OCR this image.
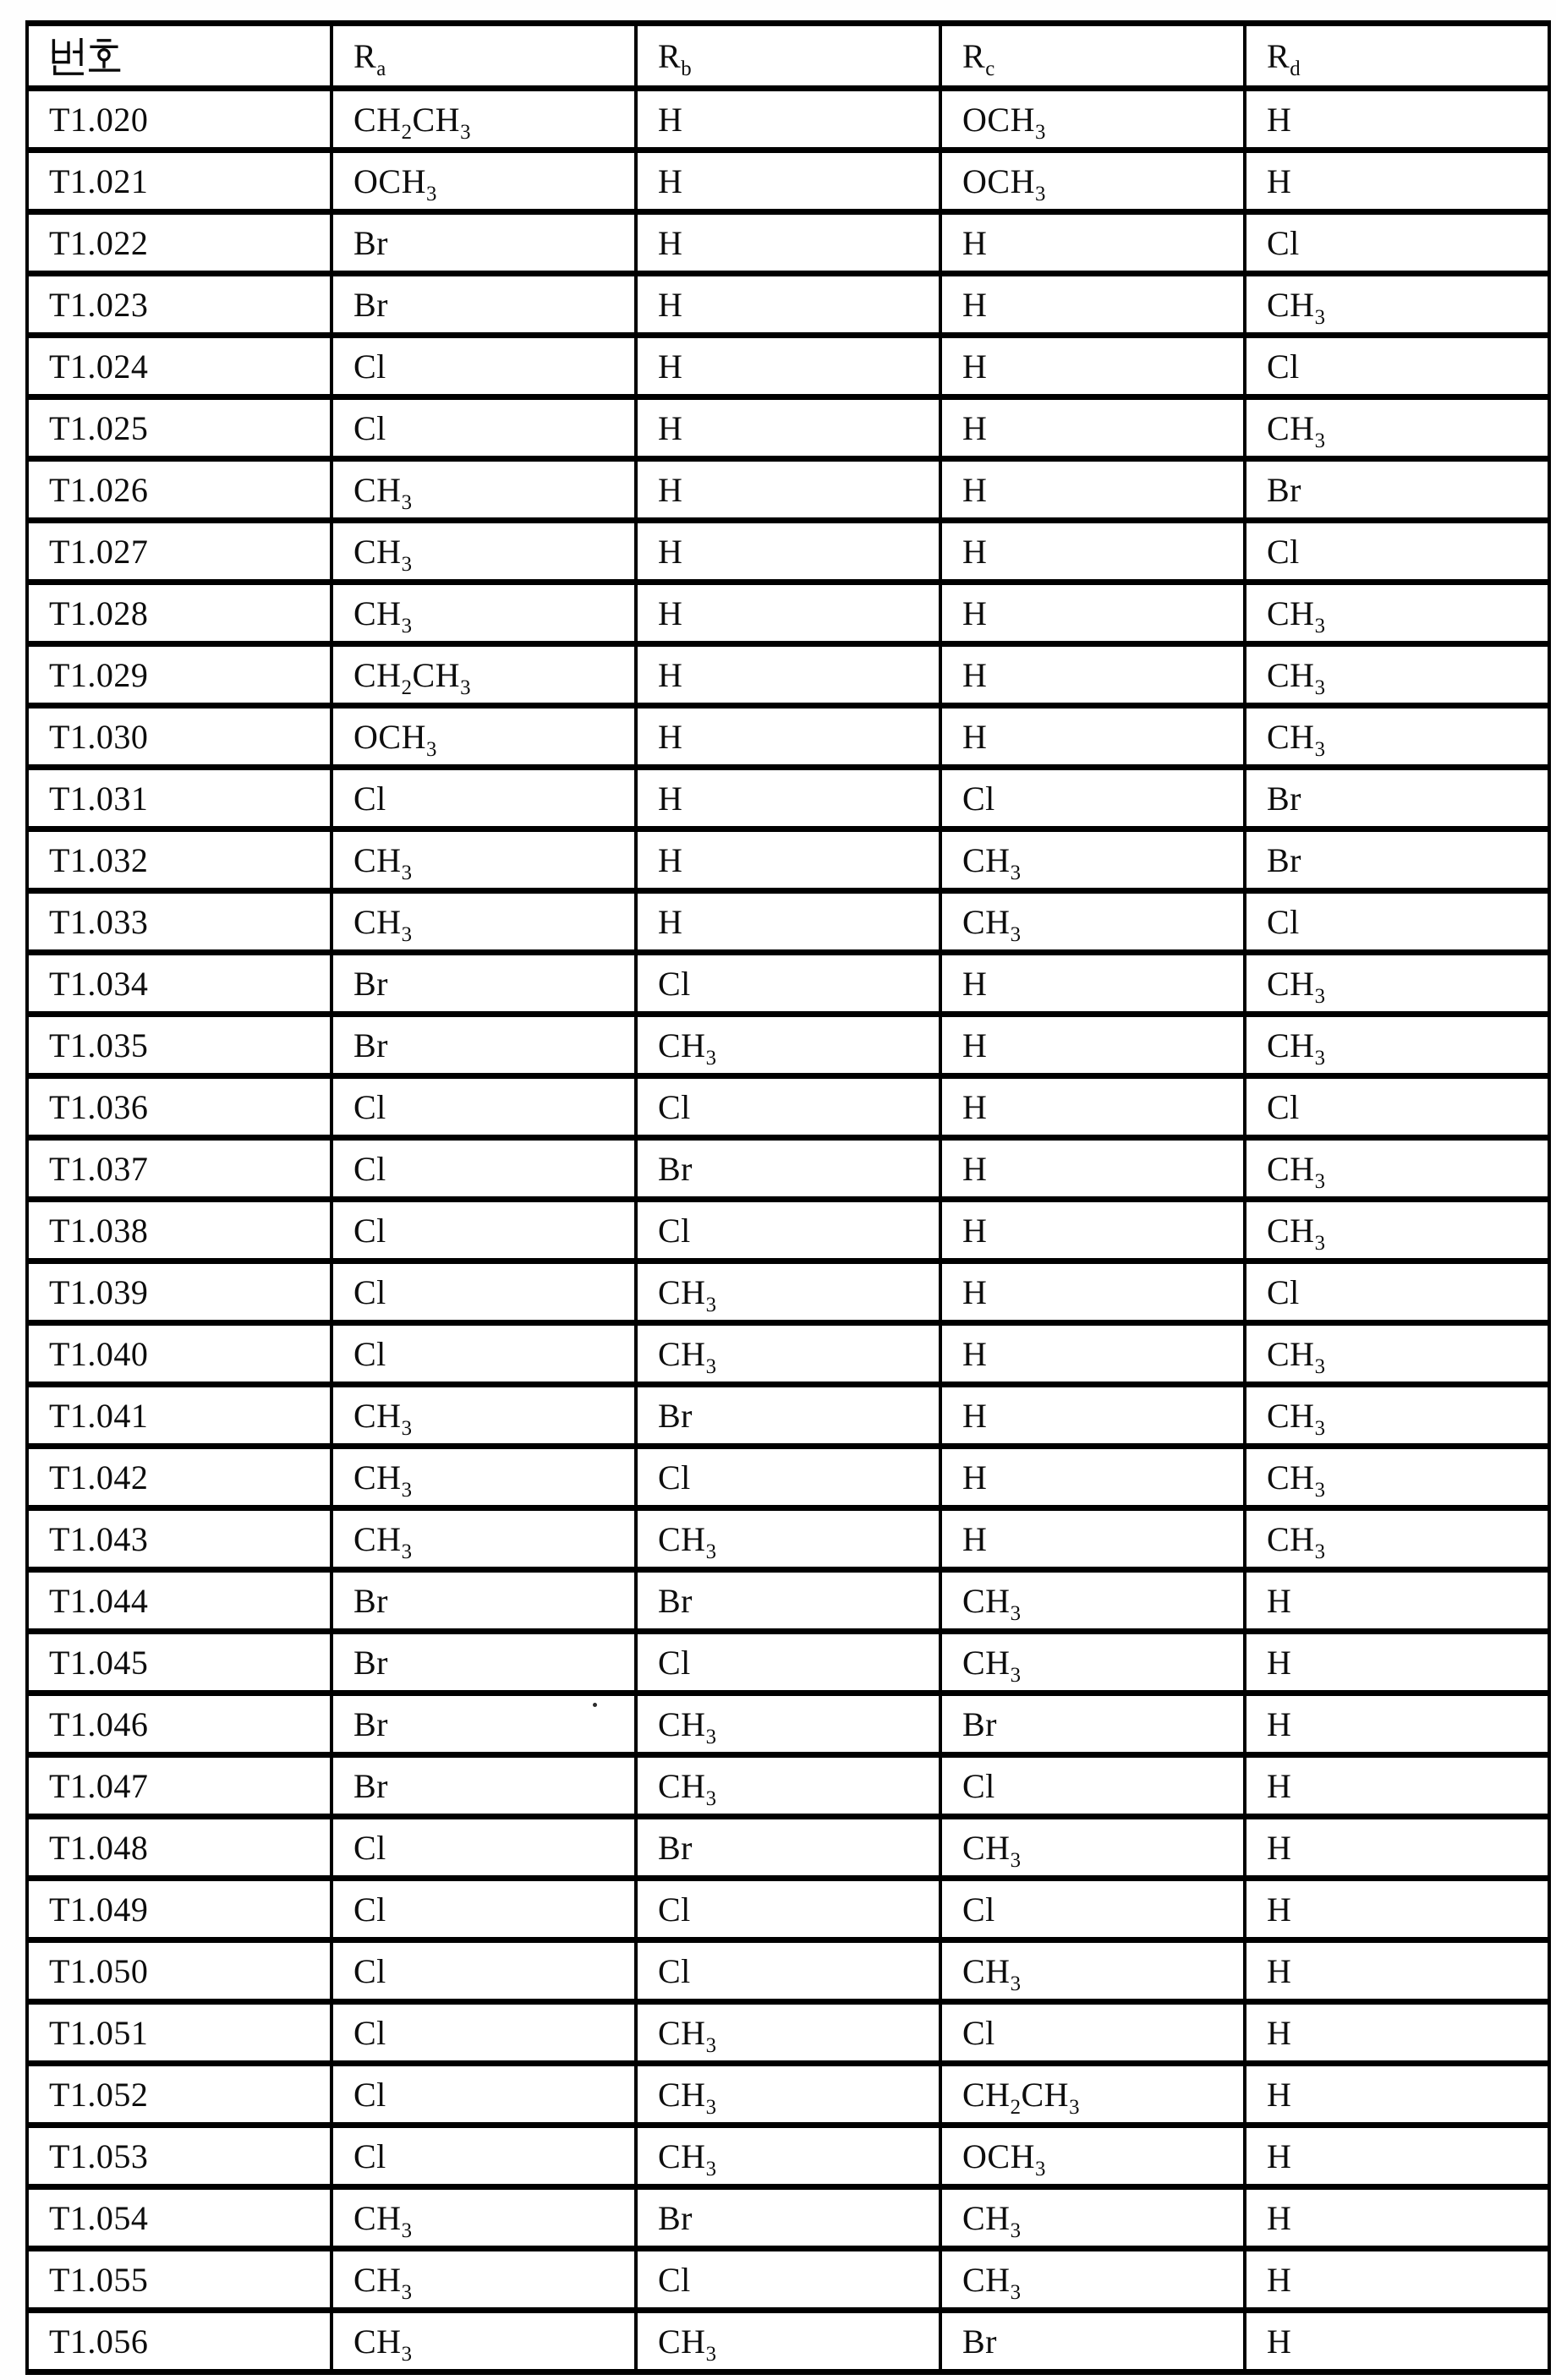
	$R_a$	$R_b$	$R_c$	$R_d$
T1.020	$CH_2CH_3$	H	$OCH_3$	H
T1.021	$OCH_3$	H	$OCH_3$	H
T1.022	Br	H	H	Cl
T1.023	Br	H	H	$CH_3$
T1.024	Cl	H	H	Cl
T1.025	Cl	H	H	$CH_3$
T1.026	$CH_3$	H	H	Br
T1.027	$CH_3$	H	H	Cl
T1.028	$CH_3$	H	H	$CH_3$
T1.029	$CH_2CH_3$	H	H	$CH_3$
T1.030	$OCH_3$	H	H	$CH_3$
T1.031	Cl	H	Cl	Br
T1.032	$CH_3$	H	$CH_3$	Br
T1.033	$CH_3$	H	$CH_3$	Cl
T1.034	Br	Cl	H	$CH_3$
T1.035	Br	$CH_3$	H	$CH_3$
T1.036	Cl	Cl	H	Cl
T1.037	Cl	Br	H	$CH_3$
T1.038	Cl	Cl	H	$CH_3$
T1.039	Cl	$CH_3$	H	Cl
T1.040	Cl	$CH_3$	H	$CH_3$
T1.041	$CH_3$	Br	H	$CH_3$
T1.042	$CH_3$	Cl	H	$CH_3$
T1.043	$CH_3$	$CH_3$	H	$CH_3$
T1.044	Br	Br	$CH_3$	H
T1.045	Br	Cl	$CH_3$	H
T1.046	Br	$CH_3$	Br	H
T1.047	Br	$CH_3$	Cl	H
T1.048	Cl	Br	$CH_3$	H
T1.049	Cl	Cl	Cl	H
T1.050	Cl	Cl	$CH_3$	H
T1.051	Cl	$CH_3$	Cl	H
T1.052	Cl	$CH_3$	$CH_2CH_3$	H
T1.053	Cl	$CH_3$	$OCH_3$	H
T1.054	$CH_3$	Br	$CH_3$	H
T1.055	$CH_3$	Cl	$CH_3$	H
T1.056	$CH_3$	$CH_3$	Br	H
